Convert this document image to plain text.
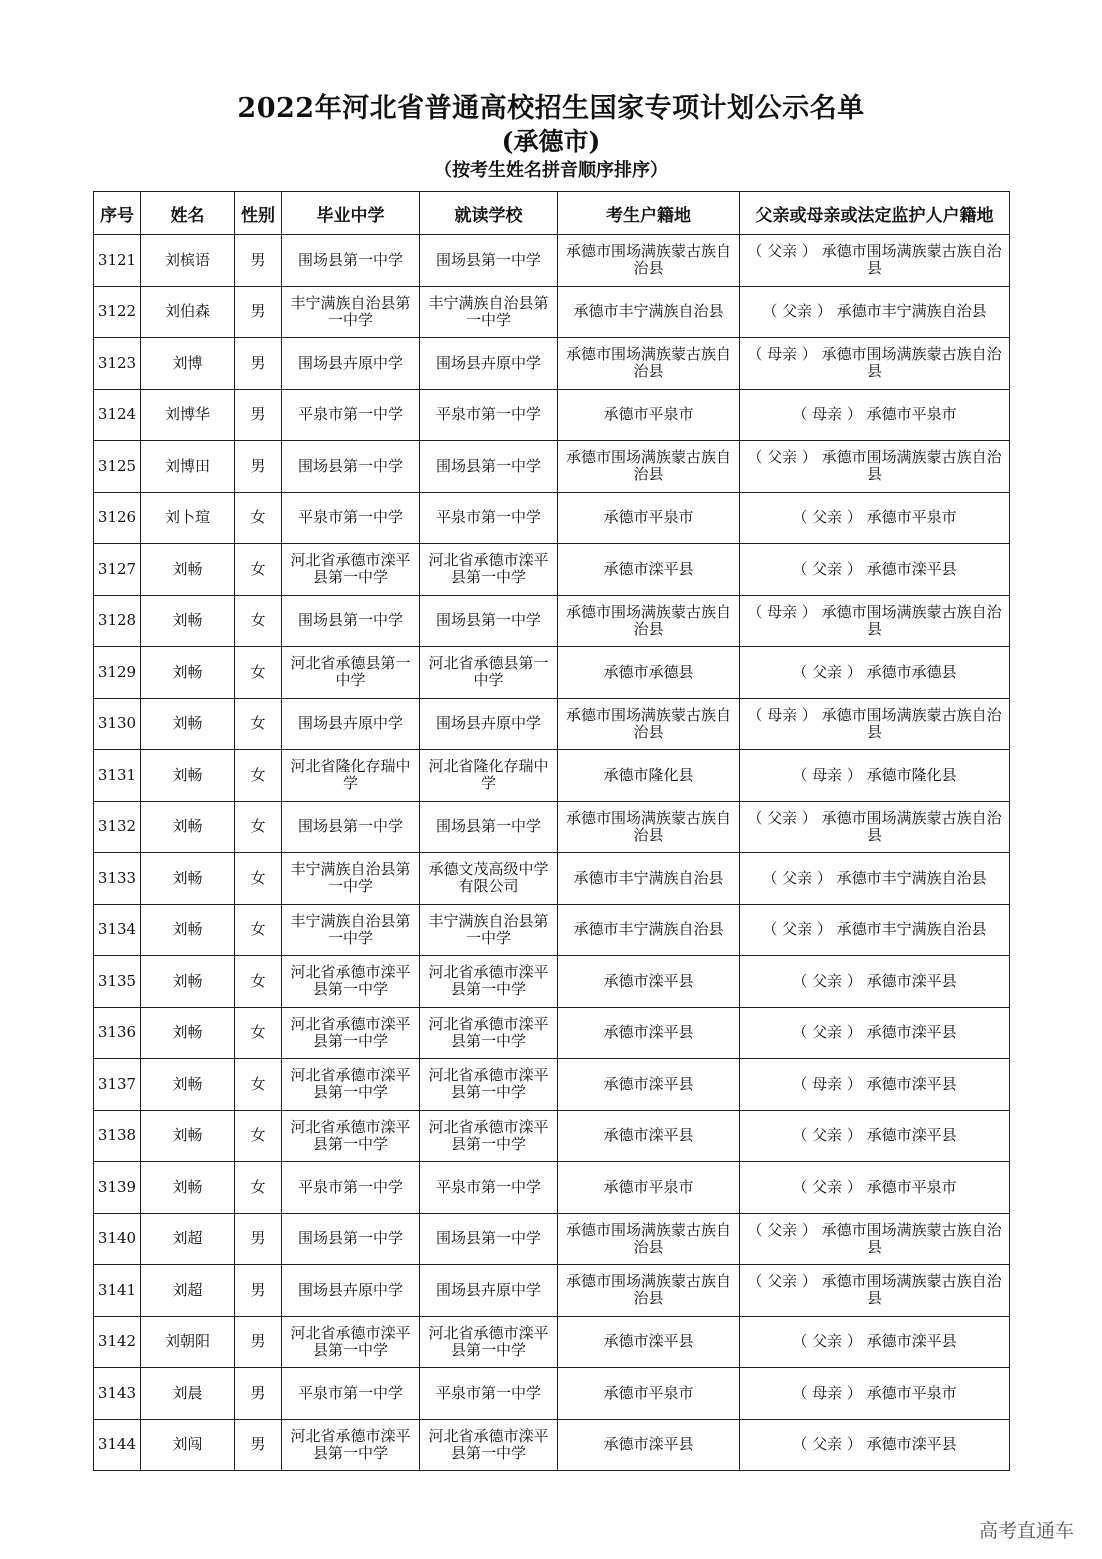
2022年河北省普通高校招生国家专项计划公示名单
(承德市)
（按考生姓名拼音顺序排序）
序号	姓名	性别	毕业中学	就读学校	考生户籍地	父亲或母亲或法定监护人户籍地
3121	刘槟语	男	围场县第一中学	围场县第一中学	承德市围场满族蒙古族自治县	（ 父亲 ） 承德市围场满族蒙古族自治县
3122	刘伯森	男	丰宁满族自治县第一中学	丰宁满族自治县第一中学	承德市丰宁满族自治县	（ 父亲 ） 承德市丰宁满族自治县
3123	刘博	男	围场县卉原中学	围场县卉原中学	承德市围场满族蒙古族自治县	（ 母亲 ） 承德市围场满族蒙古族自治县
3124	刘博华	男	平泉市第一中学	平泉市第一中学	承德市平泉市	（ 母亲 ） 承德市平泉市
3125	刘博田	男	围场县第一中学	围场县第一中学	承德市围场满族蒙古族自治县	（ 父亲 ） 承德市围场满族蒙古族自治县
3126	刘卜瑄	女	平泉市第一中学	平泉市第一中学	承德市平泉市	（ 父亲 ） 承德市平泉市
3127	刘畅	女	河北省承德市滦平县第一中学	河北省承德市滦平县第一中学	承德市滦平县	（ 父亲 ） 承德市滦平县
3128	刘畅	女	围场县第一中学	围场县第一中学	承德市围场满族蒙古族自治县	（ 母亲 ） 承德市围场满族蒙古族自治县
3129	刘畅	女	河北省承德县第一中学	河北省承德县第一中学	承德市承德县	（ 父亲 ） 承德市承德县
3130	刘畅	女	围场县卉原中学	围场县卉原中学	承德市围场满族蒙古族自治县	（ 母亲 ） 承德市围场满族蒙古族自治县
3131	刘畅	女	河北省隆化存瑞中学	河北省隆化存瑞中学	承德市隆化县	（ 母亲 ） 承德市隆化县
3132	刘畅	女	围场县第一中学	围场县第一中学	承德市围场满族蒙古族自治县	（ 父亲 ） 承德市围场满族蒙古族自治县
3133	刘畅	女	丰宁满族自治县第一中学	承德文茂高级中学有限公司	承德市丰宁满族自治县	（ 父亲 ） 承德市丰宁满族自治县
3134	刘畅	女	丰宁满族自治县第一中学	丰宁满族自治县第一中学	承德市丰宁满族自治县	（ 父亲 ） 承德市丰宁满族自治县
3135	刘畅	女	河北省承德市滦平县第一中学	河北省承德市滦平县第一中学	承德市滦平县	（ 父亲 ） 承德市滦平县
3136	刘畅	女	河北省承德市滦平县第一中学	河北省承德市滦平县第一中学	承德市滦平县	（ 父亲 ） 承德市滦平县
3137	刘畅	女	河北省承德市滦平县第一中学	河北省承德市滦平县第一中学	承德市滦平县	（ 母亲 ） 承德市滦平县
3138	刘畅	女	河北省承德市滦平县第一中学	河北省承德市滦平县第一中学	承德市滦平县	（ 父亲 ） 承德市滦平县
3139	刘畅	女	平泉市第一中学	平泉市第一中学	承德市平泉市	（ 父亲 ） 承德市平泉市
3140	刘超	男	围场县第一中学	围场县第一中学	承德市围场满族蒙古族自治县	（ 父亲 ） 承德市围场满族蒙古族自治县
3141	刘超	男	围场县卉原中学	围场县卉原中学	承德市围场满族蒙古族自治县	（ 父亲 ） 承德市围场满族蒙古族自治县
3142	刘朝阳	男	河北省承德市滦平县第一中学	河北省承德市滦平县第一中学	承德市滦平县	（ 父亲 ） 承德市滦平县
3143	刘晨	男	平泉市第一中学	平泉市第一中学	承德市平泉市	（ 母亲 ） 承德市平泉市
3144	刘闯	男	河北省承德市滦平县第一中学	河北省承德市滦平县第一中学	承德市滦平县	（ 父亲 ） 承德市滦平县
高考直通车
